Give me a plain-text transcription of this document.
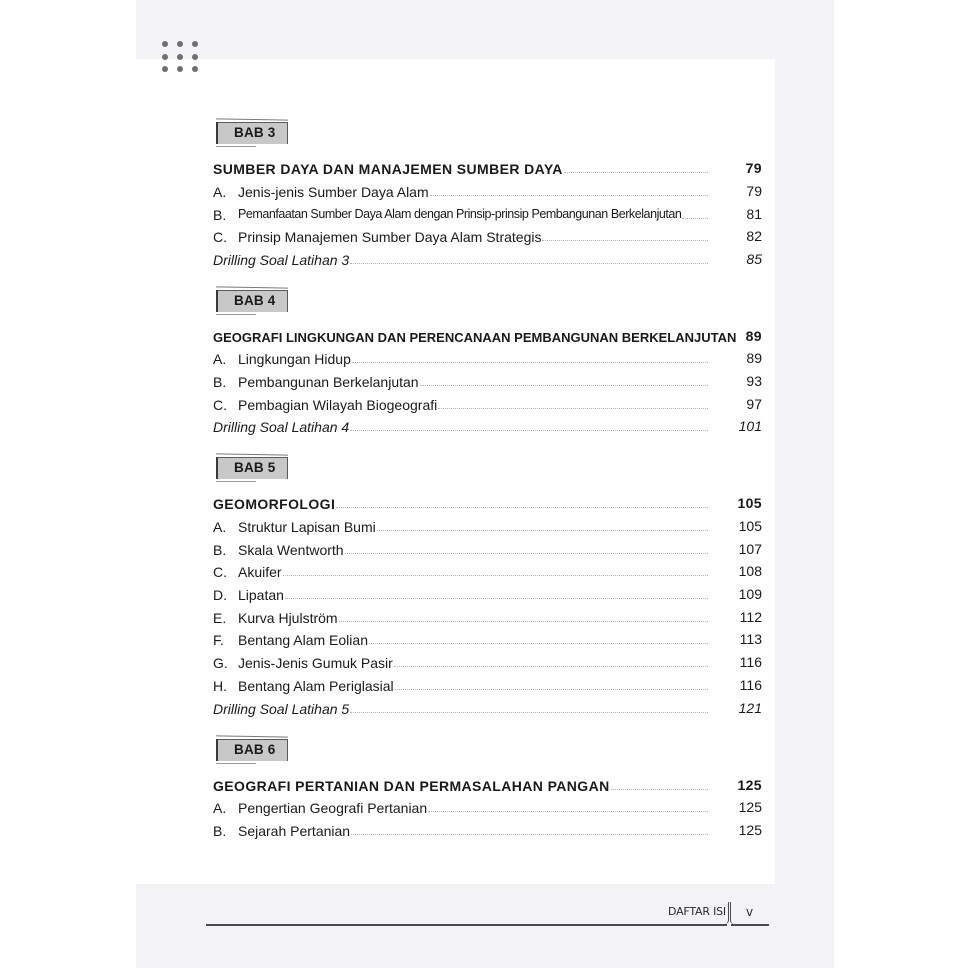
BAB 3
SUMBER DAYA DAN MANAJEMEN SUMBER DAYA	79
A. Jenis-jenis Sumber Daya Alam	79
B. Pemanfaatan Sumber Daya Alam dengan Prinsip-prinsip Pembangunan Berkelanjutan	81
C. Prinsip Manajemen Sumber Daya Alam Strategis	82
Drilling Soal Latihan 3	85
BAB 4
GEOGRAFI LINGKUNGAN DAN PERENCANAAN PEMBANGUNAN BERKELANJUTAN 89
A. Lingkungan Hidup	89
B. Pembangunan Berkelanjutan	93
C. Pembagian Wilayah Biogeografi	97
Drilling Soal Latihan 4	101
BAB 5
GEOMORFOLOGI	105
A. Struktur Lapisan Bumi	105
B. Skala Wentworth	107
C. Akuifer	108
D. Lipatan	109
E. Kurva Hjulström	112
F.	Bentang Alam Eolian	113
G. Jenis-Jenis Gumuk Pasir	116
H. Bentang Alam Periglasial	116
Drilling Soal Latihan 5	121
BAB 6
GEOGRAFI PERTANIAN DAN PERMASALAHAN PANGAN	125
A. Pengertian Geografi Pertanian	125
B. Sejarah Pertanian	125
DAFTAR ISI v
